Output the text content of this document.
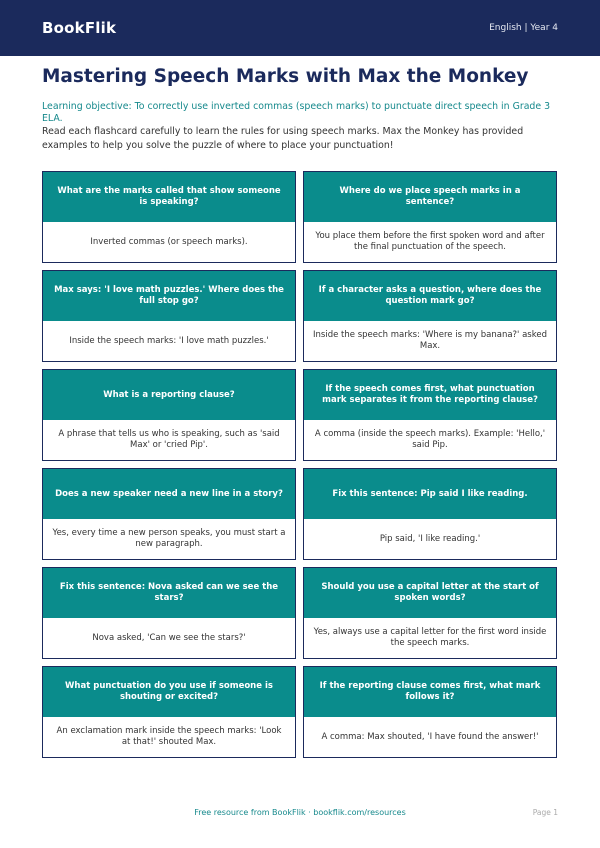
BookFlik	English | Year 4
Mastering Speech Marks with Max the Monkey

Learning objective: To correctly use inverted commas (speech marks) to punctuate direct speech in Grade 3 ELA.

Read each flashcard carefully to learn the rules for using speech marks. Max the Monkey has provided examples to help you solve the puzzle of where to place your punctuation!

What are the marks called that show someone is speaking?
Inverted commas (or speech marks).
Where do we place speech marks in a sentence?
You place them before the first spoken word and after the final punctuation of the speech.
Max says: 'I love math puzzles.' Where does the full stop go?
Inside the speech marks: 'I love math puzzles.'
If a character asks a question, where does the question mark go?
Inside the speech marks: 'Where is my banana?' asked Max.
What is a reporting clause?
A phrase that tells us who is speaking, such as 'said Max' or 'cried Pip'.
If the speech comes first, what punctuation mark separates it from the reporting clause?
A comma (inside the speech marks). Example: 'Hello,' said Pip.
Does a new speaker need a new line in a story?
Yes, every time a new person speaks, you must start a new paragraph.
Fix this sentence: Pip said I like reading.
Pip said, 'I like reading.'
Fix this sentence: Nova asked can we see the stars?
Nova asked, 'Can we see the stars?'
Should you use a capital letter at the start of spoken words?
Yes, always use a capital letter for the first word inside the speech marks.
What punctuation do you use if someone is shouting or excited?
An exclamation mark inside the speech marks: 'Look at that!' shouted Max.
If the reporting clause comes first, what mark follows it?
A comma: Max shouted, 'I have found the answer!'
Free resource from BookFlik · bookflik.com/resources	Page 1
